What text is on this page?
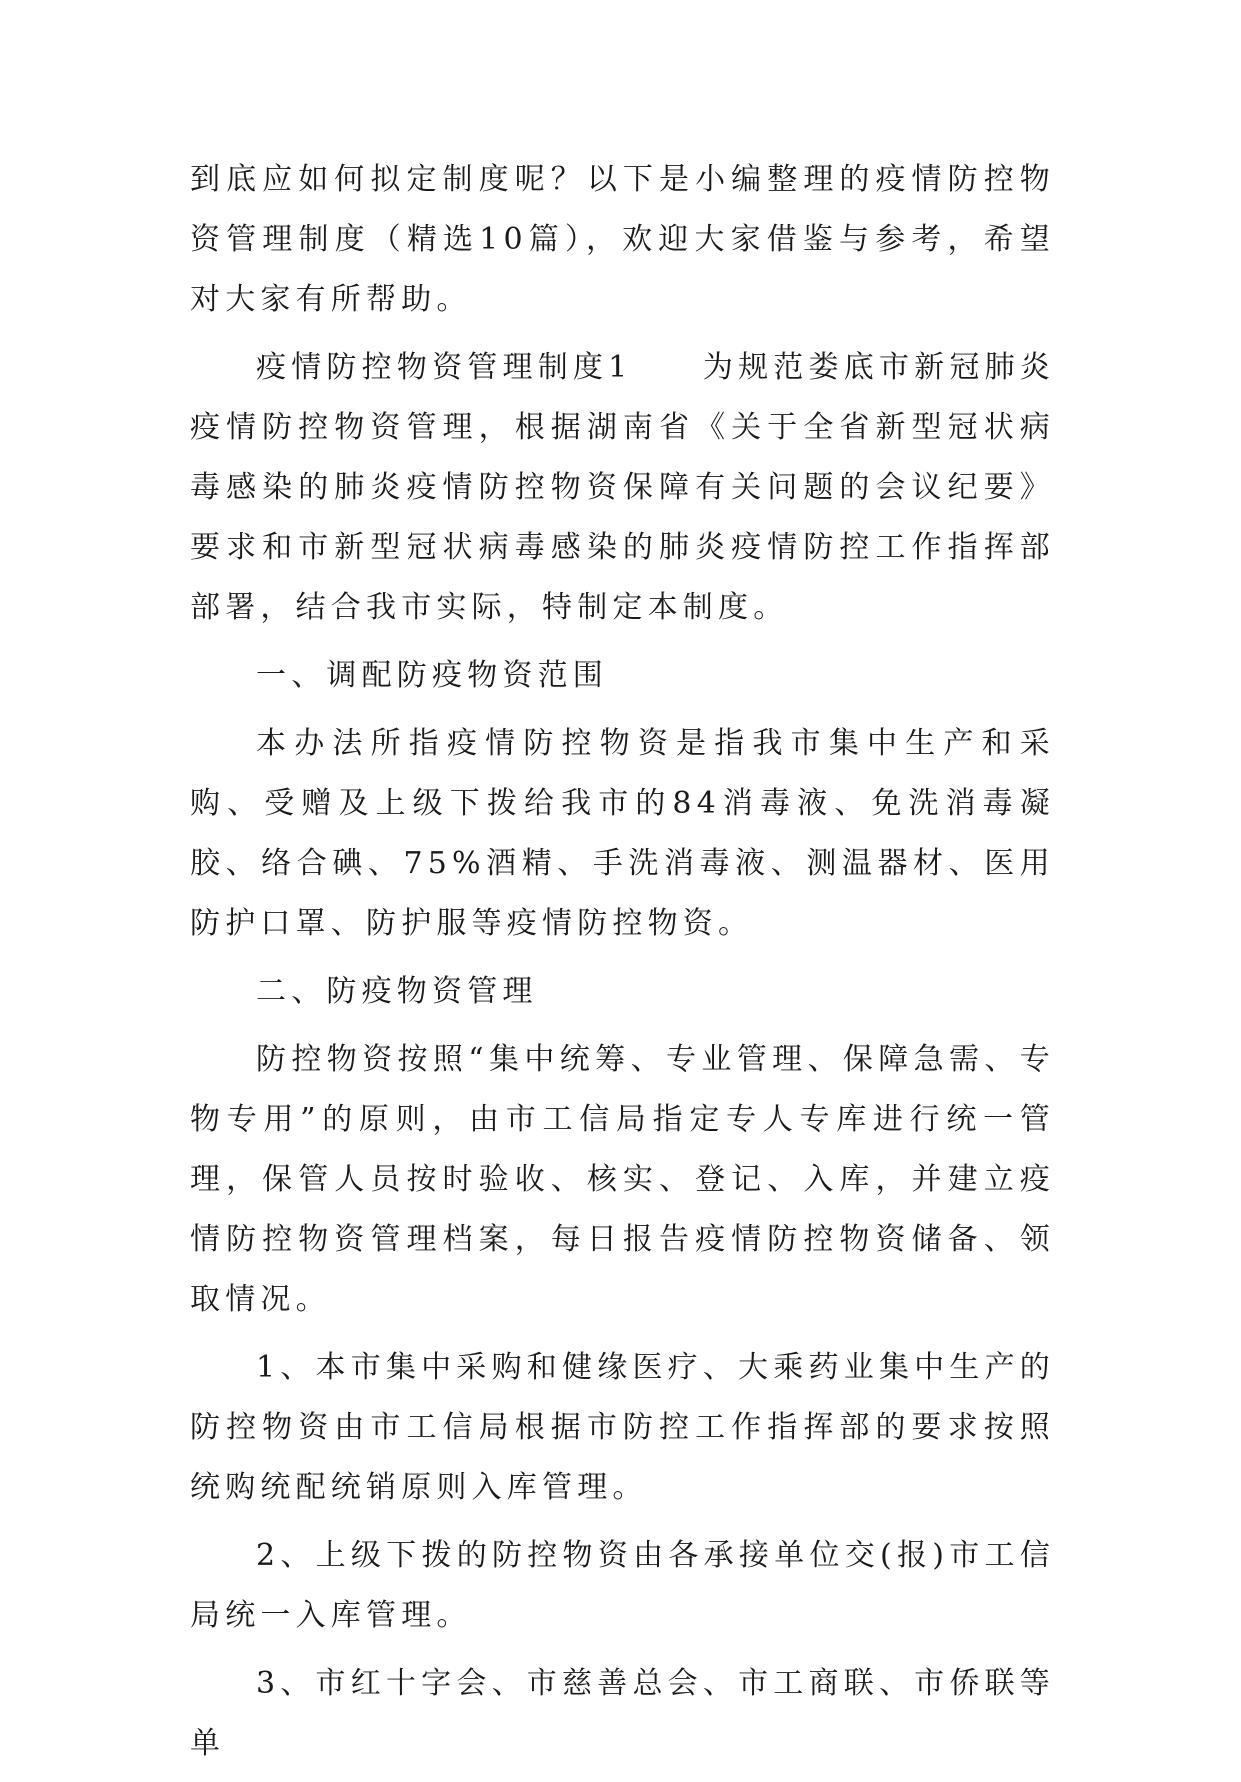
到底应如何拟定制度呢？以下是小编整理的疫情防控物资管理制度（精选10篇），欢迎大家借鉴与参考，希望对大家有所帮助。

疫情防控物资管理制度1　　为规范娄底市新冠肺炎疫情防控物资管理，根据湖南省《关于全省新型冠状病毒感染的肺炎疫情防控物资保障有关问题的会议纪要》要求和市新型冠状病毒感染的肺炎疫情防控工作指挥部部署，结合我市实际，特制定本制度。

一、调配防疫物资范围

本办法所指疫情防控物资是指我市集中生产和采购、受赠及上级下拨给我市的84消毒液、免洗消毒凝胶、络合碘、75%酒精、手洗消毒液、测温器材、医用防护口罩、防护服等疫情防控物资。

二、防疫物资管理

防控物资按照“集中统筹、专业管理、保障急需、专物专用”的原则，由市工信局指定专人专库进行统一管理，保管人员按时验收、核实、登记、入库，并建立疫情防控物资管理档案，每日报告疫情防控物资储备、领取情况。

1、本市集中采购和健缘医疗、大乘药业集中生产的防控物资由市工信局根据市防控工作指挥部的要求按照统购统配统销原则入库管理。

2、上级下拨的防控物资由各承接单位交(报)市工信局统一入库管理。

3、市红十字会、市慈善总会、市工商联、市侨联等单
